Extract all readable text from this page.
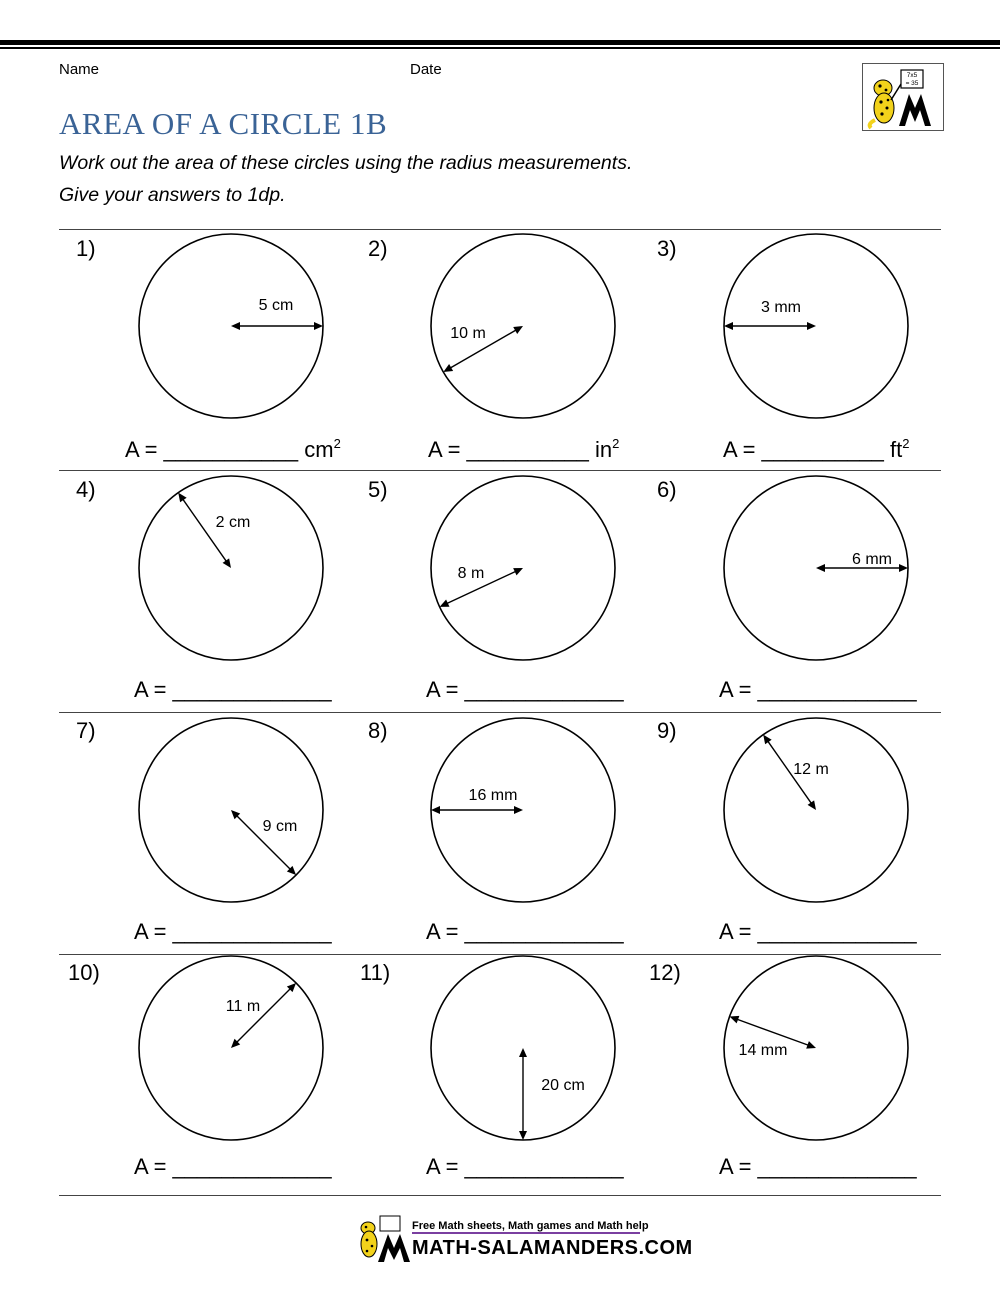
Name	Date	7x5
= 35
AREA OF A CIRCLE 1B
Work out the area of these circles using the radius measurements.
Give your answers to 1dp.
1)
5 cm
A = ___________ $cm^2$
2)
10 m
A = __________ $in^2$
3)
3 mm
A = __________ $ft^2$
4)
2 cm
A = _____________
5)
8 m
A = _____________
6)
6 mm
A = _____________
7)
9 cm
A = _____________
8)
16 mm
A = _____________
9)
12 m
A = _____________
10)
11 m
A = _____________
11)
20 cm
A = _____________
12)
14 mm
A = _____________
Free Math sheets, Math games and Math help
MATH-SALAMANDERS.COM
